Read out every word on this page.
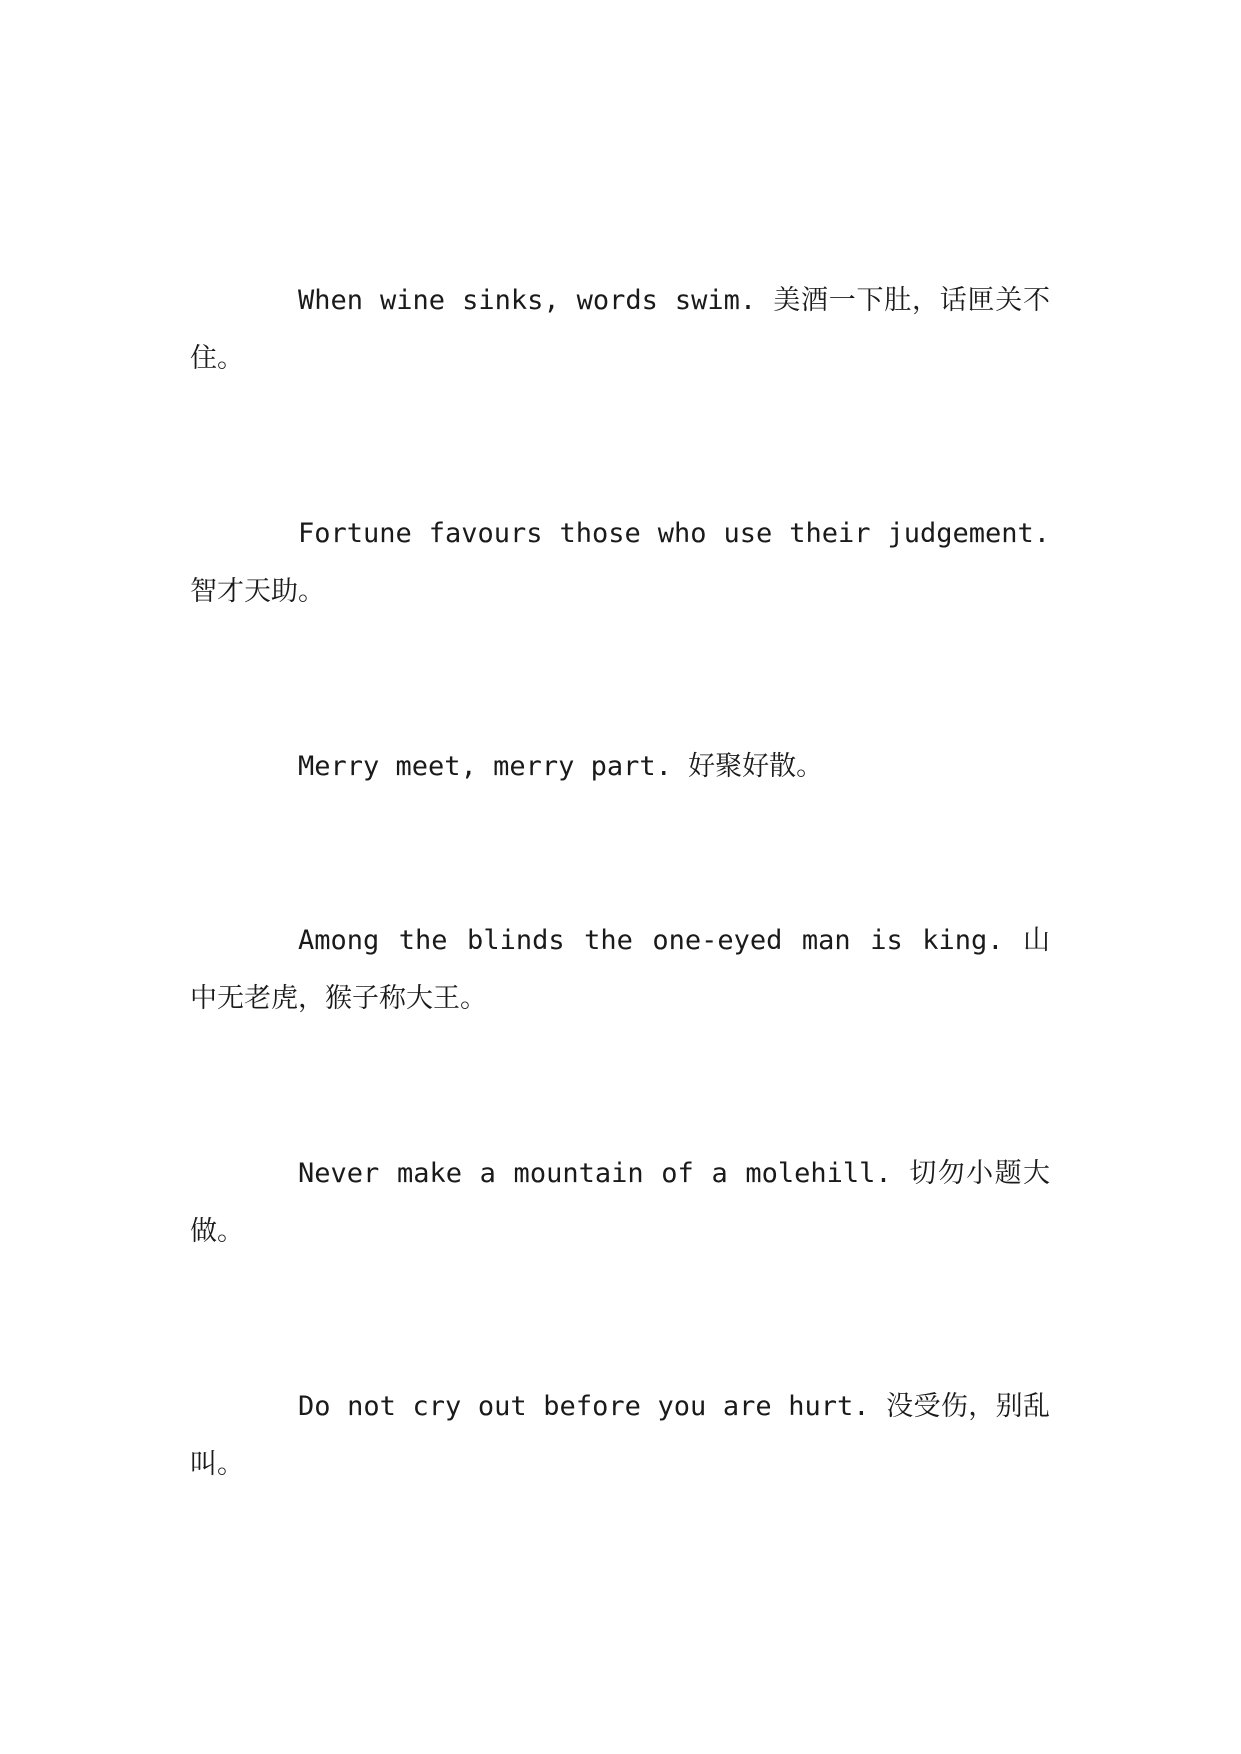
When wine sinks, words swim. 美酒一下肚，话匣关不住。

Fortune favours those who use their judgement. 智才天助。

Merry meet, merry part. 好聚好散。

Among the blinds the one-eyed man is king. 山中无老虎，猴子称大王。

Never make a mountain of a molehill. 切勿小题大做。

Do not cry out before you are hurt. 没受伤，别乱叫。
